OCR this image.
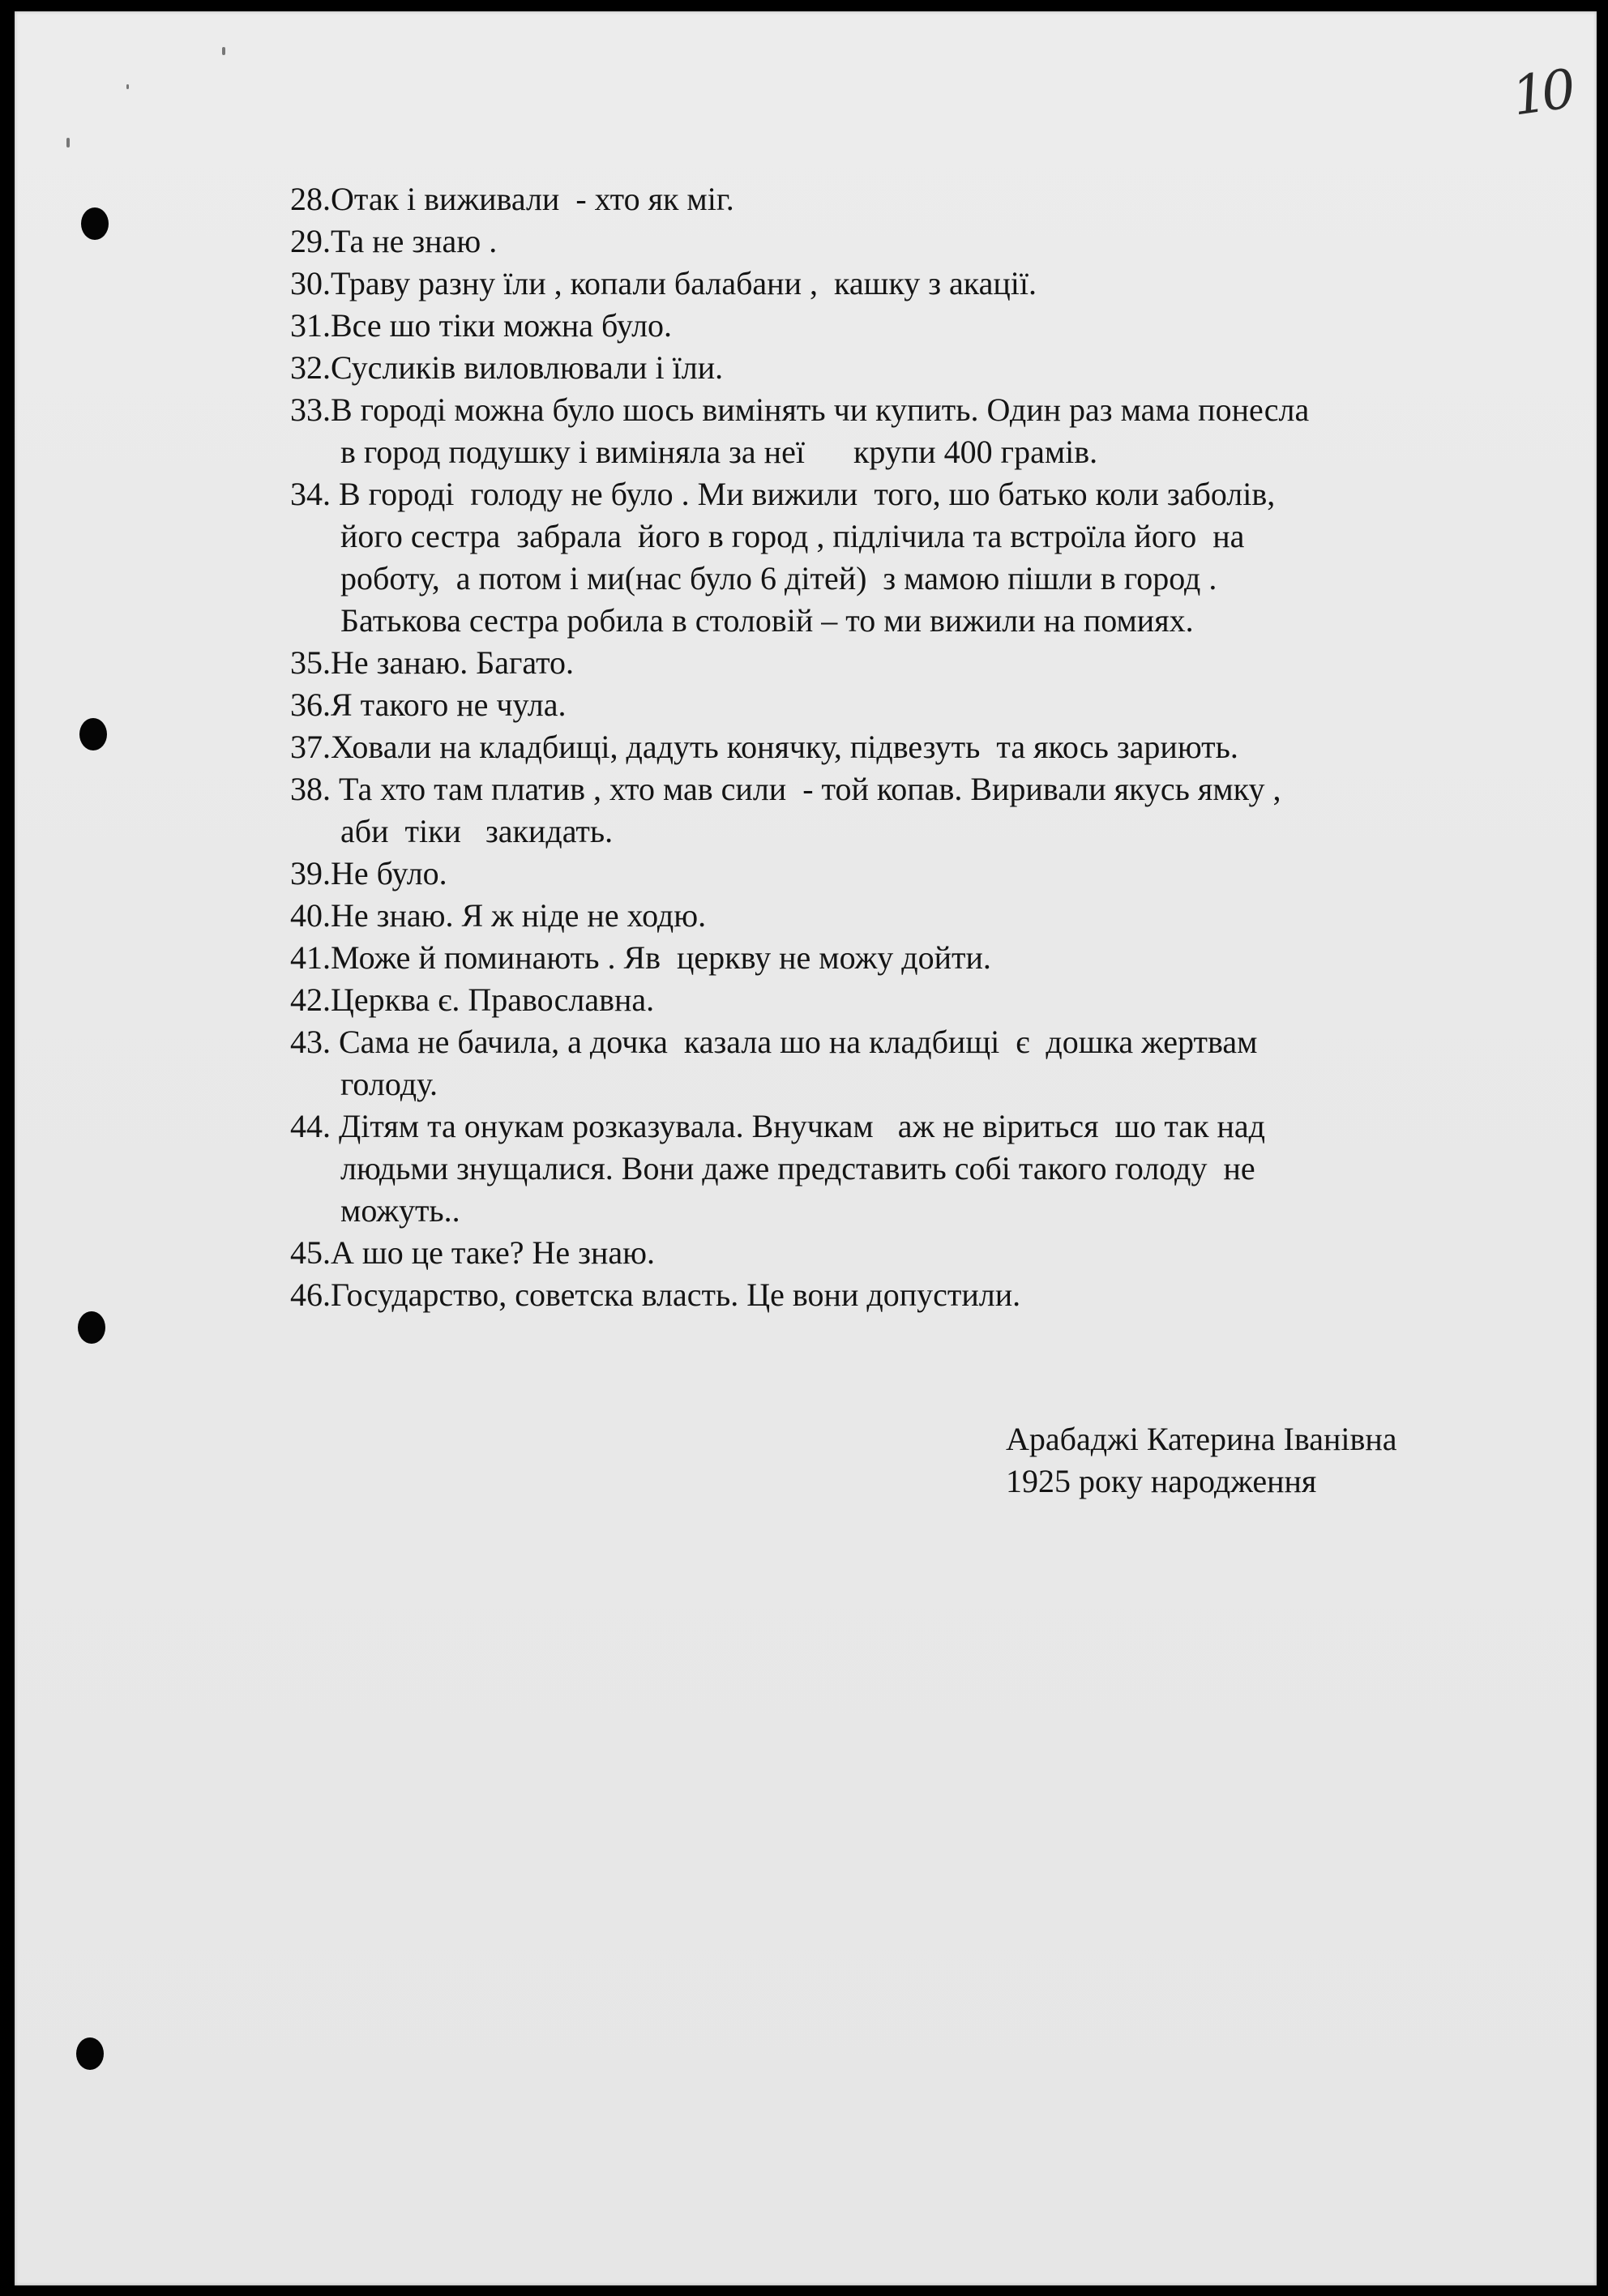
10
28.Отак і виживали  - хто як міг.
29.Та не знаю .
30.Траву разну їли , копали балабани ,  кашку з акації.
31.Все шо тіки можна було.
32.Сусликів виловлювали і їли.
33.В городі можна було шось вимінять чи купить. Один раз мама понесла
в город подушку і виміняла за неї      крупи 400 грамів.
34. В городі  голоду не було . Ми вижили  того, шо батько коли заболів,
його сестра  забрала  його в город , підлічила та встроїла його  на
роботу,  а потом і ми(нас було 6 дітей)  з мамою пішли в город .
Батькова сестра робила в столовій – то ми вижили на помиях.
35.Не занаю. Багато.
36.Я такого не чула.
37.Ховали на кладбищі, дадуть конячку, підвезуть  та якось зариють.
38. Та хто там платив , хто мав сили  - той копав. Виривали якусь ямку ,
аби  тіки   закидать.
39.Не було.
40.Не знаю. Я ж ніде не ходю.
41.Може й поминають . Яв  церкву не можу дойти.
42.Церква є. Православна.
43. Сама не бачила, а дочка  казала шо на кладбищі  є  дошка жертвам
голоду.
44. Дітям та онукам розказувала. Внучкам   аж не віриться  шо так над
людьми знущалися. Вони даже представить собі такого голоду  не
можуть..
45.А шо це таке? Не знаю.
46.Государство, советска власть. Це вони допустили.
Арабаджі Катерина Іванівна
1925 року народження
